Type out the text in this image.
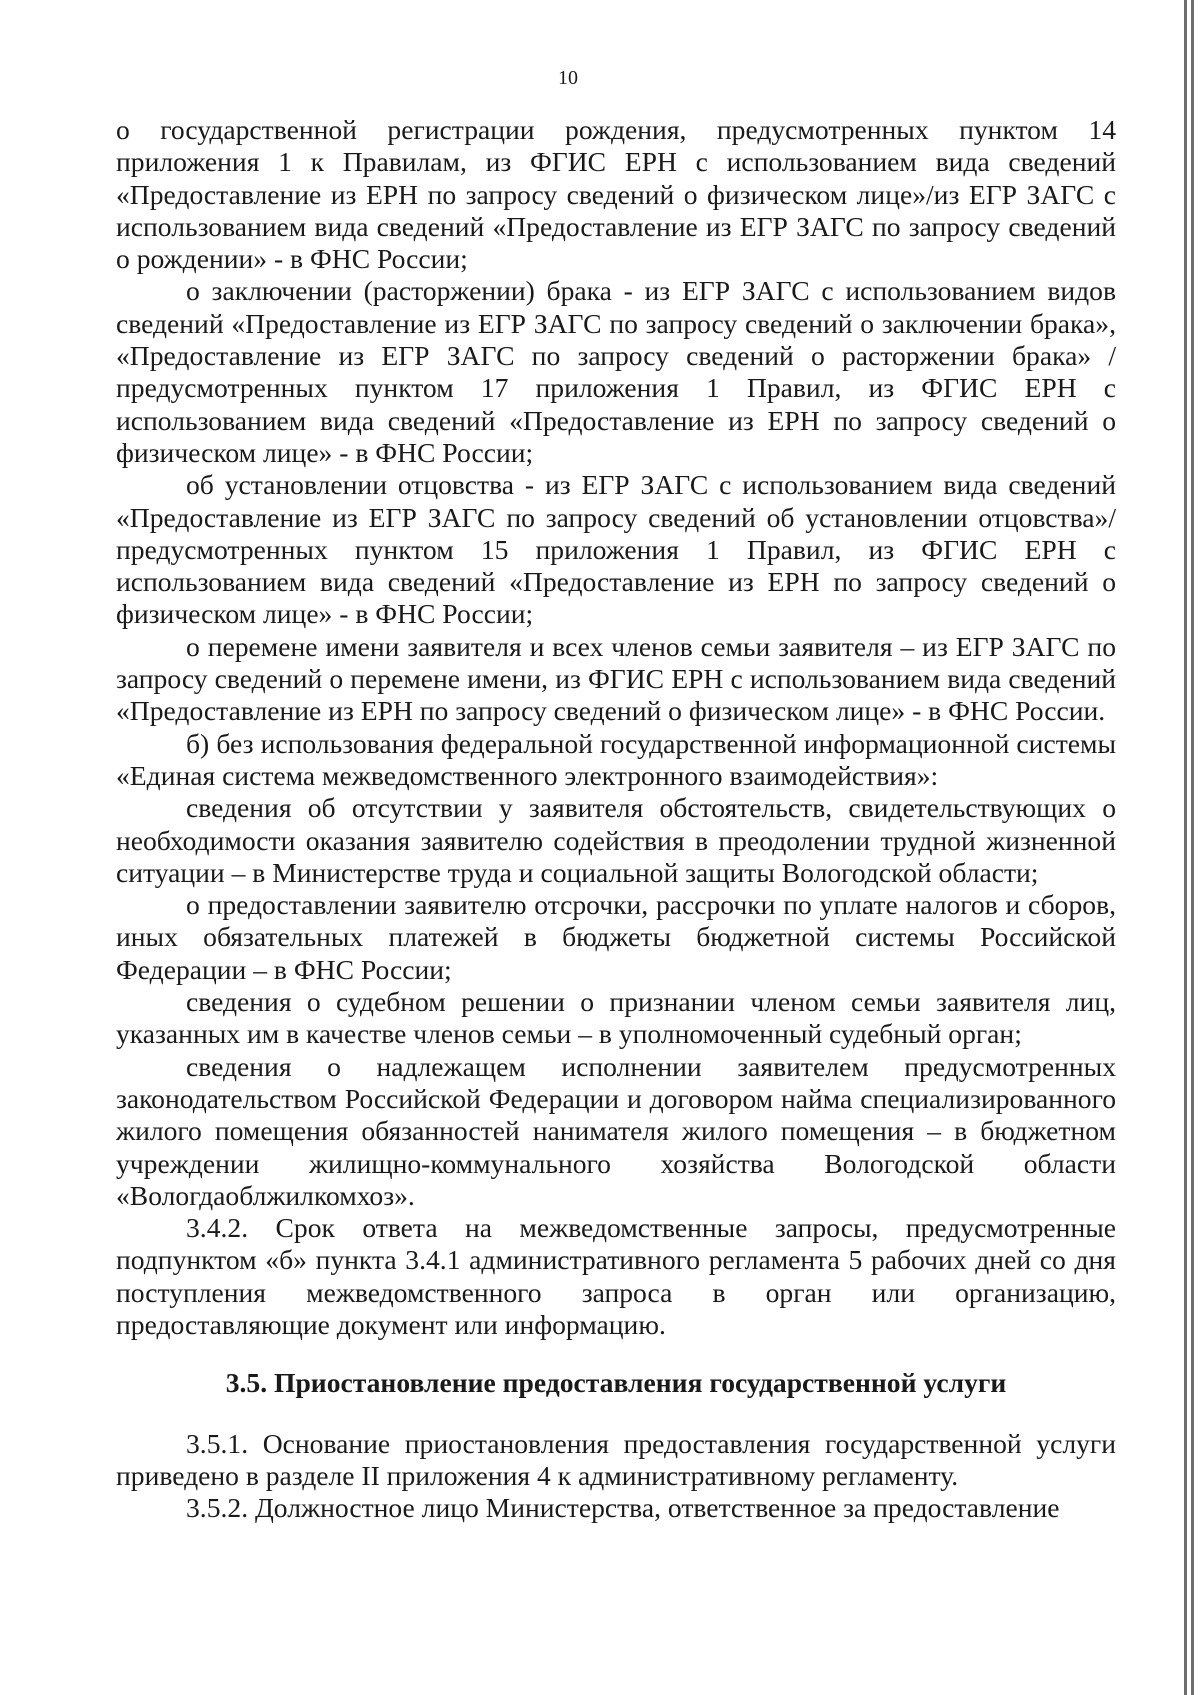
10

о государственной регистрации рождения, предусмотренных пунктом 14 приложения 1 к Правилам, из ФГИС ЕРН с использованием вида сведений «Предоставление из ЕРН по запросу сведений о физическом лице»/из ЕГР ЗАГС с использованием вида сведений «Предоставление из ЕГР ЗАГС по запросу сведений о рождении» - в ФНС России;

о заключении (расторжении) брака - из ЕГР ЗАГС с использованием видов сведений «Предоставление из ЕГР ЗАГС по запросу сведений о заключении брака», «Предоставление из ЕГР ЗАГС по запросу сведений о расторжении брака» / предусмотренных пунктом 17 приложения 1 Правил, из ФГИС ЕРН с использованием вида сведений «Предоставление из ЕРН по запросу сведений о физическом лице» - в ФНС России;

об установлении отцовства - из ЕГР ЗАГС с использованием вида сведений «Предоставление из ЕГР ЗАГС по запросу сведений об установлении отцовства»/предусмотренных пунктом 15 приложения 1 Правил, из ФГИС ЕРН с использованием вида сведений «Предоставление из ЕРН по запросу сведений о физическом лице» - в ФНС России;

о перемене имени заявителя и всех членов семьи заявителя – из ЕГР ЗАГС по запросу сведений о перемене имени, из ФГИС ЕРН с использованием вида сведений «Предоставление из ЕРН по запросу сведений о физическом лице» - в ФНС России.

б) без использования федеральной государственной информационной системы «Единая система межведомственного электронного взаимодействия»:

сведения об отсутствии у заявителя обстоятельств, свидетельствующих о необходимости оказания заявителю содействия в преодолении трудной жизненной ситуации – в Министерстве труда и социальной защиты Вологодской области;

о предоставлении заявителю отсрочки, рассрочки по уплате налогов и сборов, иных обязательных платежей в бюджеты бюджетной системы Российской Федерации – в ФНС России;

сведения о судебном решении о признании членом семьи заявителя лиц, указанных им в качестве членов семьи – в уполномоченный судебный орган;

сведения о надлежащем исполнении заявителем предусмотренных законодательством Российской Федерации и договором найма специализированного жилого помещения обязанностей нанимателя жилого помещения – в бюджетном учреждении жилищно-коммунального хозяйства Вологодской области «Вологдаоблжилкомхоз».

3.4.2. Срок ответа на межведомственные запросы, предусмотренные подпунктом «б» пункта 3.4.1 административного регламента 5 рабочих дней со дня поступления межведомственного запроса в орган или организацию, предоставляющие документ или информацию.

3.5. Приостановление предоставления государственной услуги

3.5.1. Основание приостановления предоставления государственной услуги приведено в разделе II приложения 4 к административному регламенту.

3.5.2. Должностное лицо Министерства, ответственное за предоставление
